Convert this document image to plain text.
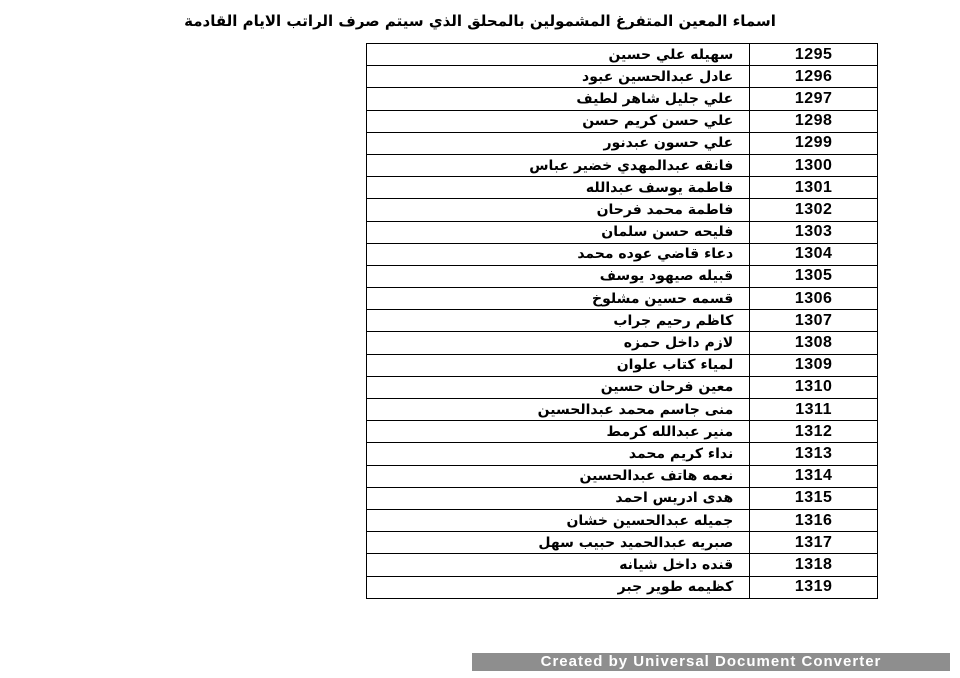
اسماء المعين المتفرغ المشمولين بالمحلق الذي سيتم صرف الراتب الايام القادمة
سهيله علي حسين	1295
عادل عبدالحسين عبود	1296
علي جليل شاهر لطيف	1297
علي حسن كريم حسن	1298
علي حسون عبدنور	1299
فانقه عبدالمهدي خضير عباس	1300
فاطمة يوسف عبدالله	1301
فاطمة محمد فرحان	1302
فليحه حسن سلمان	1303
دعاء قاضي عوده محمد	1304
قبيله صيهود يوسف	1305
قسمه حسين مشلوخ	1306
كاظم رحيم جراب	1307
لازم داخل حمزه	1308
لمياء كتاب علوان	1309
معين فرحان حسين	1310
منى جاسم محمد عبدالحسين	1311
منير عبدالله كرمط	1312
نداء كريم محمد	1313
نعمه هاتف عبدالحسين	1314
هدى ادريس احمد	1315
جميله عبدالحسين خشان	1316
صبريه عبدالحميد حبيب سهل	1317
قنده داخل شيانه	1318
كظيمه طوير جبر	1319
Created by Universal Document Converter
